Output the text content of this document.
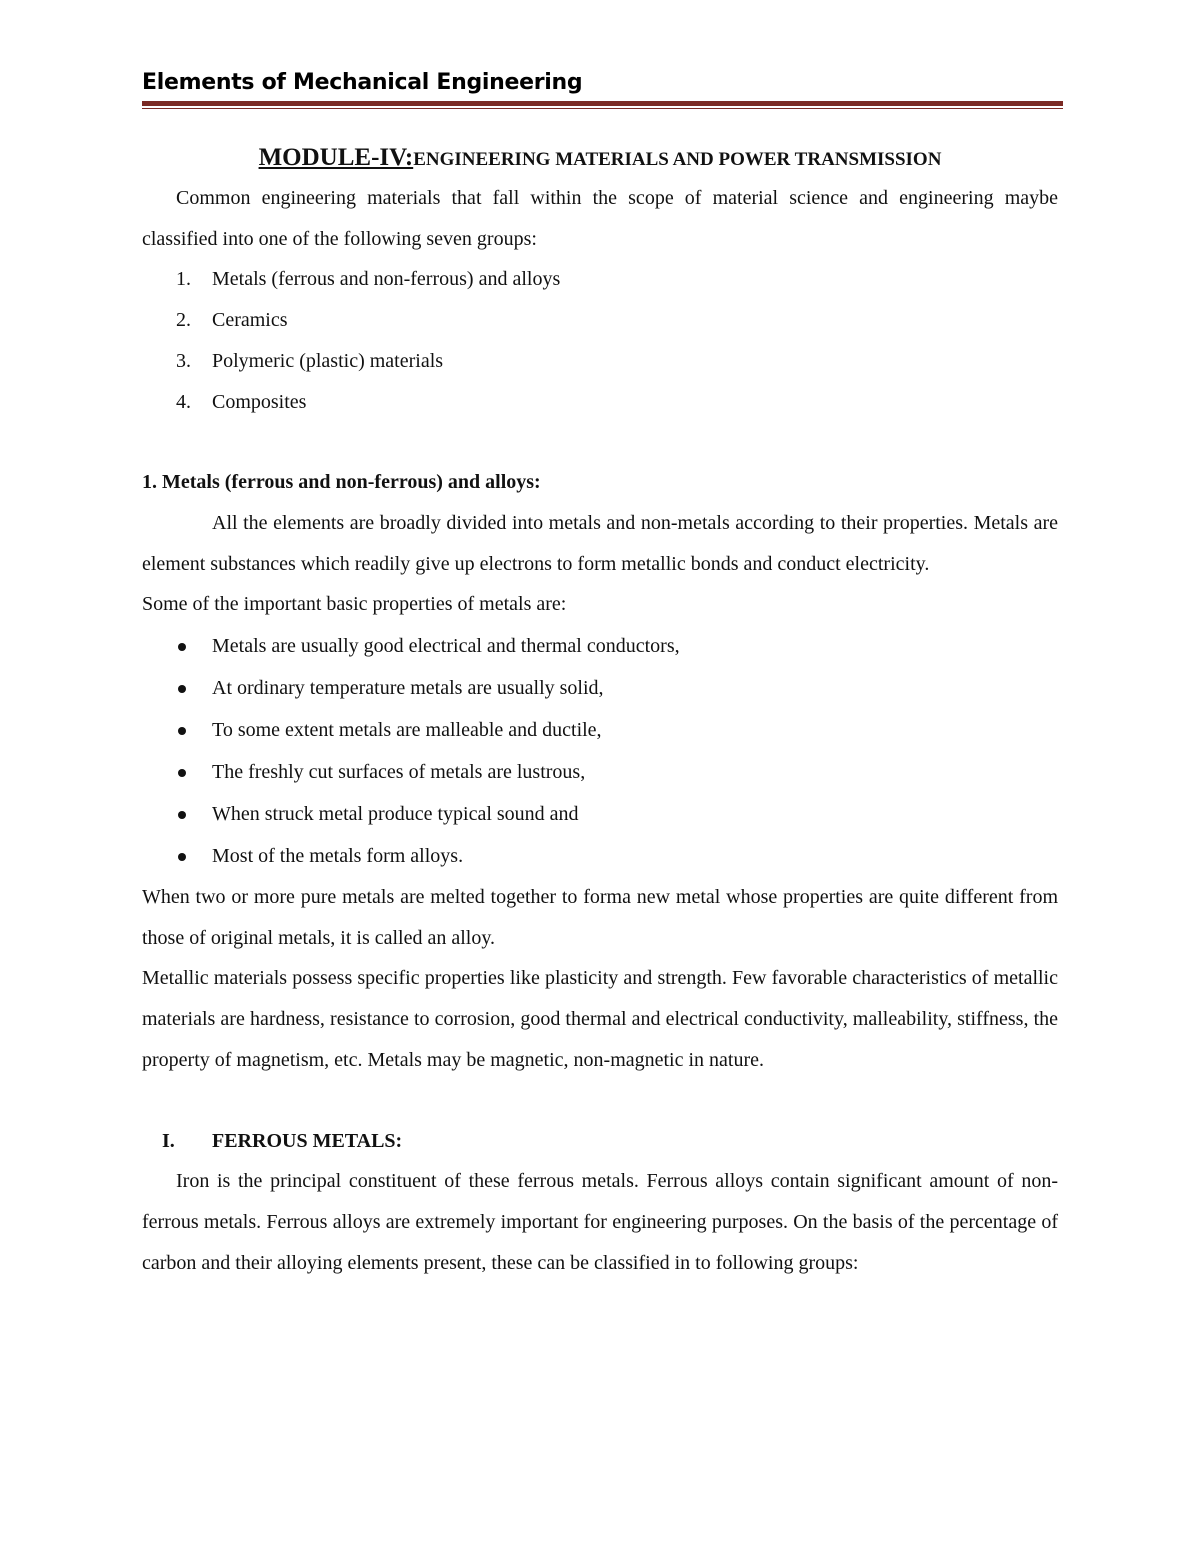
Elements of Mechanical Engineering
MODULE-IV:ENGINEERING MATERIALS AND POWER TRANSMISSION

Common engineering materials that fall within the scope of material science and engineering maybe classified into one of the following seven groups:

1. Metals (ferrous and non-ferrous) and alloys
2. Ceramics
3. Polymeric (plastic) materials
4. Composites
1. Metals (ferrous and non-ferrous) and alloys:

All the elements are broadly divided into metals and non-metals according to their properties. Metals are element substances which readily give up electrons to form metallic bonds and conduct electricity.

Some of the important basic properties of metals are:

Metals are usually good electrical and thermal conductors,
At ordinary temperature metals are usually solid,
To some extent metals are malleable and ductile,
The freshly cut surfaces of metals are lustrous,
When struck metal produce typical sound and
Most of the metals form alloys.

When two or more pure metals are melted together to forma new metal whose properties are quite different from those of original metals, it is called an alloy.

Metallic materials possess specific properties like plasticity and strength. Few favorable characteristics of metallic materials are hardness, resistance to corrosion, good thermal and electrical conductivity, malleability, stiffness, the property of magnetism, etc. Metals may be magnetic, non-magnetic in nature.

I. FERROUS METALS:

Iron is the principal constituent of these ferrous metals. Ferrous alloys contain significant amount of non-ferrous metals. Ferrous alloys are extremely important for engineering purposes. On the basis of the percentage of carbon and their alloying elements present, these can be classified in to following groups:
